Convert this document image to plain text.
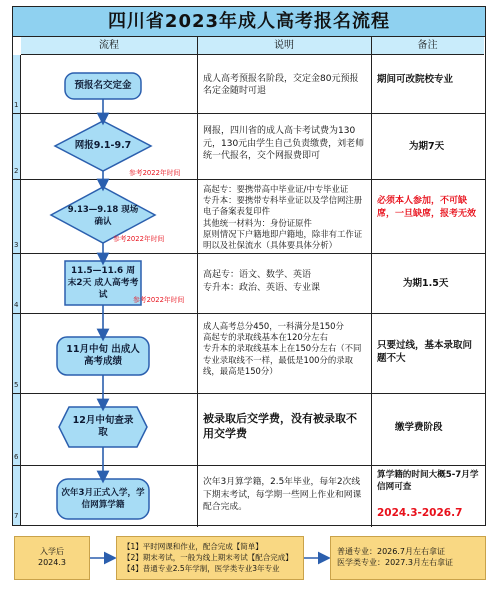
四川省2023年成人高考报名流程
流程	说明	备注
1
2
3
4
5
6
7
预报名交定金
网报9.1-9.7
9.13—9.18 现场确认
11.5—11.6 周末2天 成人高考考试
11月中旬 出成人高考成绩
12月中旬查录取
次年3月正式入学，学信网算学籍
参考2022年时间
参考2022年时间
参考2022年时间
成人高考预报名阶段，交定金80元预报名定金随时可退
网报，四川省的成人高卡考试费为130元，130元由学生自己负责缴费，刘老师统一代报名，交个网报费即可
高起专：要携带高中毕业证/中专毕业证
专升本：要携带专科毕业证以及学信网注册电子备案表复印件
其他统一材料为：身份证原件
原则情况下户籍地即户籍地，除非有工作证明以及社保流水（具体要具体分析）
高起专：语文、数学、英语
专升本：政治、英语、专业课
成人高考总分450，一科满分是150分
高起专的录取线基本在120分左右
专升本的录取线基本上在150分左右（不同专业录取线不一样，最低是100分的录取线，最高是150分）
被录取后交学费，没有被录取不用交学费
次年3月算学籍，2.5年毕业，每年2次线下期末考试，每学期一些网上作业和网课配合完成。
期间可改院校专业
为期7天
必须本人参加，不可缺席，一旦缺席，报考无效
为期1.5天
只要过线，基本录取问题不大
缴学费阶段
算学籍的时间大概5-7月学信网可查
2024.3-2026.7
入学后
2024.3
【1】平时网课和作业，配合完成【简单】
【2】期末考试，一般为线上期末考试【配合完成】
【4】普通专业2.5年学制，医学类专业3年专业
普通专业：2026.7月左右拿证
医学类专业：2027.3月左右拿证
